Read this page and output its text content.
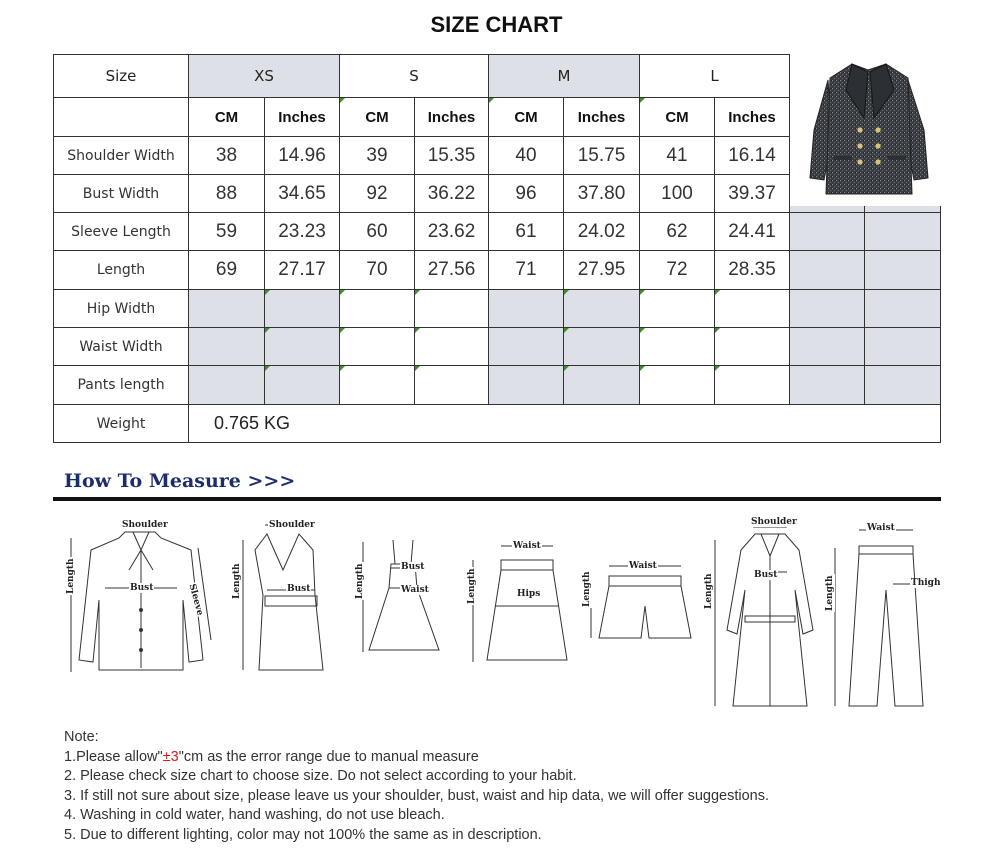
SIZE CHART
Size	XS	S	M	L
CM	Inches	CM	Inches	CM	Inches	CM	Inches
Shoulder Width	38	14.96	39	15.35	40	15.75	41	16.14
Bust Width	88	34.65	92	36.22	96	37.80	100	39.37
Sleeve Length	59	23.23	60	23.62	61	24.02	62	24.41
Length	69	27.17	70	27.56	71	27.95	72	28.35
Hip Width
Waist Width
Pants length
Weight	0.765 KG
How To Measure >>>
Shoulder
Bust	Sleeve
Length
Shoulder
Bust
Length	Bust
Waist
Length
Waist
Hips
Length
Waist
Length
Shoulder
Bust
Length
Waist
Thigh
Length
Note:
1.Please allow"±3"cm as the error range due to manual measure
2. Please check size chart to choose size. Do not select according to your habit.
3. If still not sure about size, please leave us your shoulder, bust, waist and hip data, we will offer suggestions.
4. Washing in cold water, hand washing, do not use bleach.
5. Due to different lighting, color may not 100% the same as in description.
